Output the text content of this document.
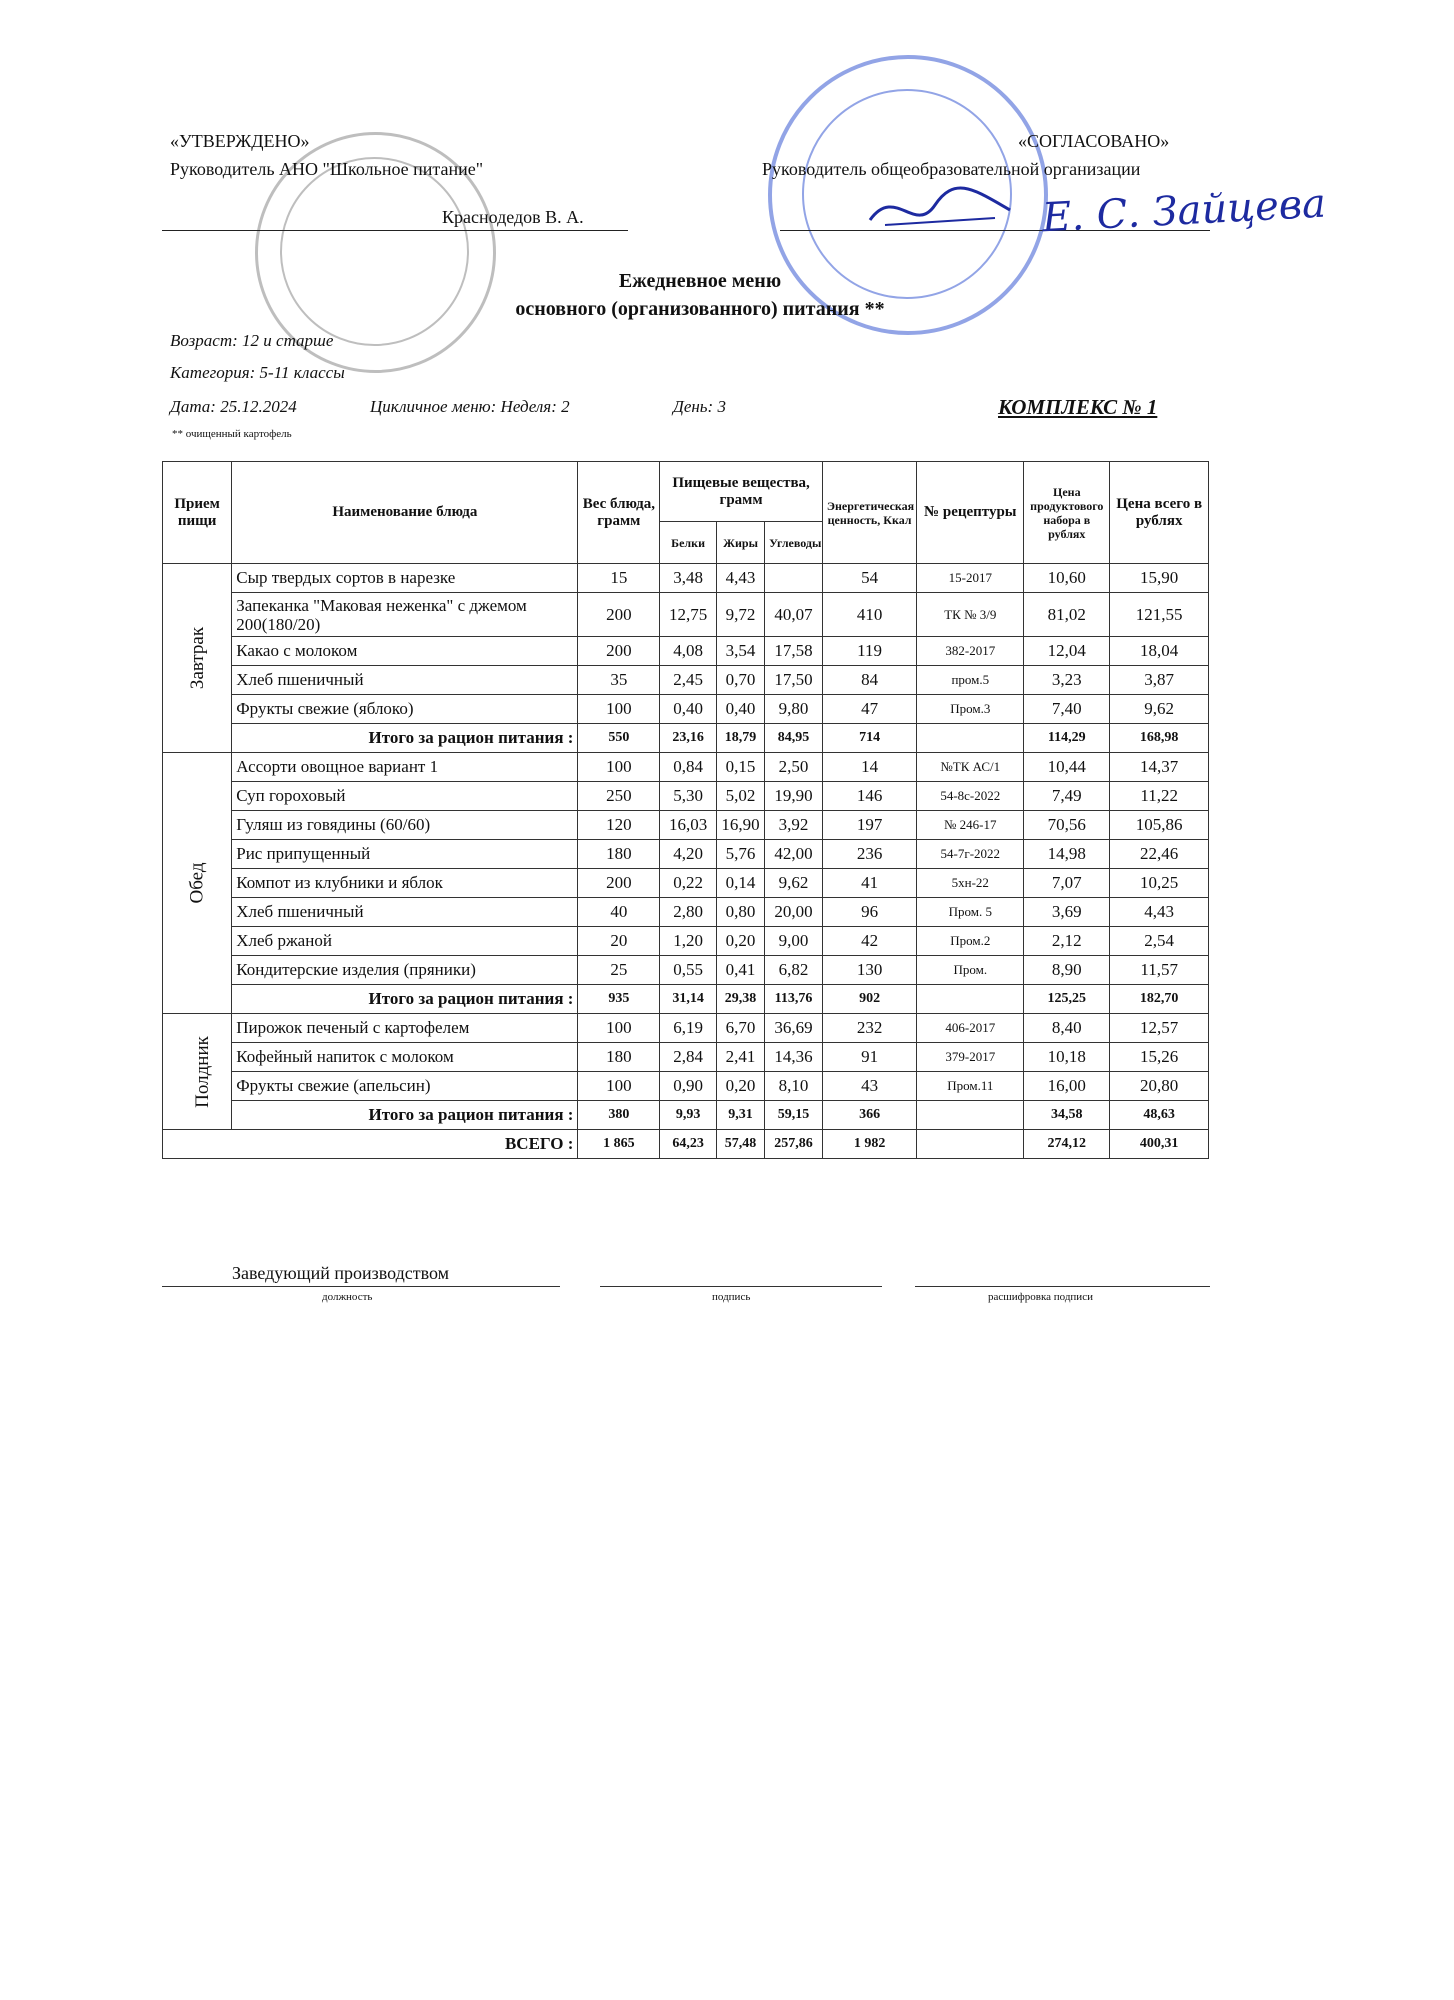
«УТВЕРЖДЕНО»
Руководитель АНО "Школьное питание"
Краснодедов В. А.
«СОГЛАСОВАНО»
Руководитель общеобразовательной организации
Е. С. Зайцева
Ежедневное меню
основного (организованного) питания **
Возраст: 12 и старше
Категория: 5-11 классы
Дата: 25.12.2024	Цикличное меню: Неделя: 2	День: 3	КОМПЛЕКС № 1
** очищенный картофель
Прием пищи	Наименование блюда	Вес блюда, грамм	Пищевые вещества, грамм			Энергетическая ценность, Ккал	№ рецептуры	Цена продуктового набора в рублях	Цена всего в рублях
			Белки	Жиры	Углеводы				
Завтрак	Сыр твердых сортов в нарезке	15	3,48	4,43		54	15-2017	10,60	15,90
	Запеканка "Маковая неженка" с джемом 200(180/20)	200	12,75	9,72	40,07	410	ТК № 3/9	81,02	121,55
	Какао с молоком	200	4,08	3,54	17,58	119	382-2017	12,04	18,04
	Хлеб пшеничный	35	2,45	0,70	17,50	84	пром.5	3,23	3,87
	Фрукты свежие (яблоко)	100	0,40	0,40	9,80	47	Пром.3	7,40	9,62
	Итого за рацион питания :	550	23,16	18,79	84,95	714		114,29	168,98
Обед	Ассорти овощное вариант 1	100	0,84	0,15	2,50	14	№ТК АС/1	10,44	14,37
	Суп гороховый	250	5,30	5,02	19,90	146	54-8с-2022	7,49	11,22
	Гуляш из говядины (60/60)	120	16,03	16,90	3,92	197	№ 246-17	70,56	105,86
	Рис припущенный	180	4,20	5,76	42,00	236	54-7г-2022	14,98	22,46
	Компот из клубники и яблок	200	0,22	0,14	9,62	41	5хн-22	7,07	10,25
	Хлеб пшеничный	40	2,80	0,80	20,00	96	Пром. 5	3,69	4,43
	Хлеб ржаной	20	1,20	0,20	9,00	42	Пром.2	2,12	2,54
	Кондитерские изделия (пряники)	25	0,55	0,41	6,82	130	Пром.	8,90	11,57
	Итого за рацион питания :	935	31,14	29,38	113,76	902		125,25	182,70
Полдник	Пирожок печеный с картофелем	100	6,19	6,70	36,69	232	406-2017	8,40	12,57
	Кофейный напиток с молоком	180	2,84	2,41	14,36	91	379-2017	10,18	15,26
	Фрукты свежие (апельсин)	100	0,90	0,20	8,10	43	Пром.11	16,00	20,80
	Итого за рацион питания :	380	9,93	9,31	59,15	366		34,58	48,63
ВСЕГО :		1 865	64,23	57,48	257,86	1 982		274,12	400,31
Заведующий производством
должность	подпись	расшифровка подписи
